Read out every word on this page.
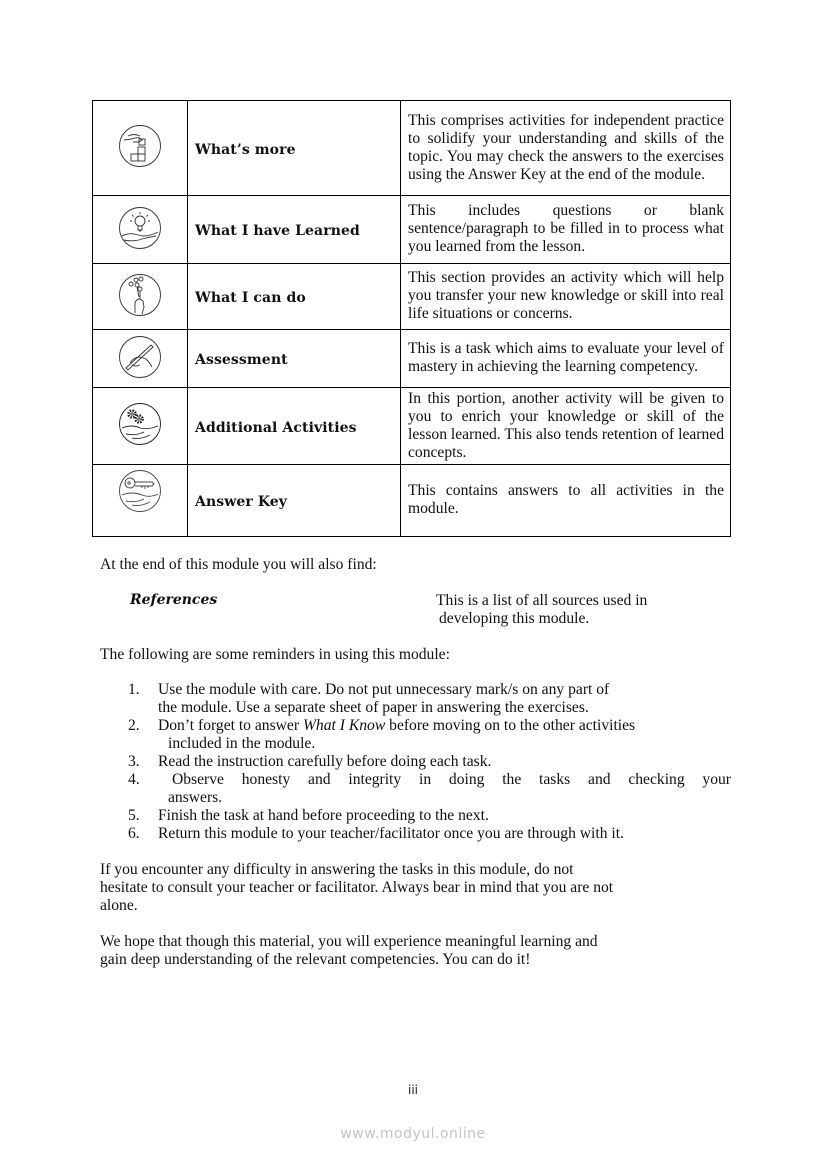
	What’s more	This comprises activities for independent practice to solidify your understanding and skills of the topic. You may check the answers to the exercises using the Answer Key at the end of the module.

	What I have Learned	This includes questions or blank sentence/paragraph to be filled in to process what you learned from the lesson.

	What I can do	This section provides an activity which will help you transfer your new knowledge or skill into real life situations or concerns.

	Assessment	This is a task which aims to evaluate your level of mastery in achieving the learning competency.

	Additional Activities	In this portion, another activity will be given to you to enrich your knowledge or skill of the lesson learned. This also tends retention of learned concepts.

	Answer Key	This contains answers to all activities in the module.
At the end of this module you will also find:
References	This is a list of all sources used in
developing this module.
The following are some reminders in using this module:
1. Use the module with care. Do not put unnecessary mark/s on any part of
the module. Use a separate sheet of paper in answering the exercises.
2. Don’t forget to answer What I Know before moving on to the other activities
included in the module.
3. Read the instruction carefully before doing each task.
4.	Observe honesty and integrity in doing the tasks and checking your
answers.
5. Finish the task at hand before proceeding to the next.
6. Return this module to your teacher/facilitator once you are through with it.
If you encounter any difficulty in answering the tasks in this module, do not
hesitate to consult your teacher or facilitator. Always bear in mind that you are not
alone.
We hope that though this material, you will experience meaningful learning and
gain deep understanding of the relevant competencies. You can do it!
iii
www.modyul.online
